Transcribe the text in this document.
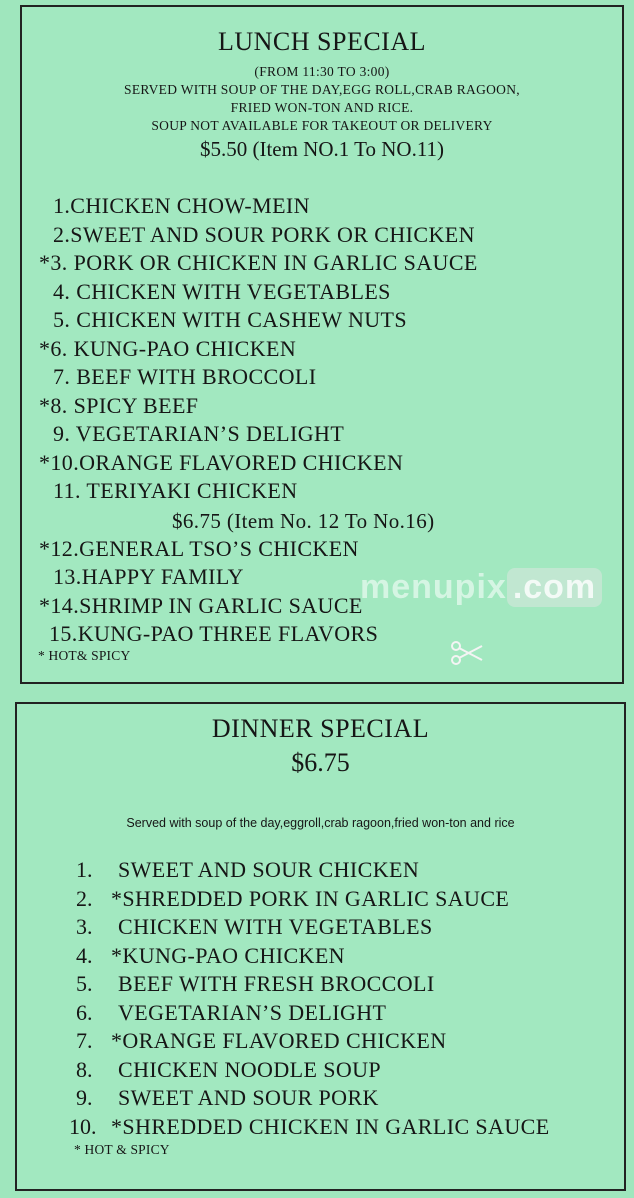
LUNCH SPECIAL
(FROM 11:30 TO 3:00)
SERVED WITH SOUP OF THE DAY,EGG ROLL,CRAB RAGOON,
FRIED WON-TON AND RICE.
SOUP NOT AVAILABLE FOR TAKEOUT OR DELIVERY
$5.50 (Item NO.1 To NO.11)
1.CHICKEN CHOW-MEIN
2.SWEET AND SOUR PORK OR CHICKEN
*3. PORK OR CHICKEN IN GARLIC SAUCE
4. CHICKEN WITH VEGETABLES
5. CHICKEN WITH CASHEW NUTS
*6. KUNG-PAO CHICKEN
7. BEEF WITH BROCCOLI
*8. SPICY BEEF
9. VEGETARIAN’S DELIGHT
*10.ORANGE FLAVORED CHICKEN
11. TERIYAKI CHICKEN
$6.75 (Item No. 12 To No.16)
*12.GENERAL TSO’S CHICKEN
13.HAPPY FAMILY
*14.SHRIMP IN GARLIC SAUCE
15.KUNG-PAO THREE FLAVORS
* HOT& SPICY
menupix .com
DINNER SPECIAL
$6.75
Served with soup of the day,eggroll,crab ragoon,fried won-ton and rice
1. SWEET AND SOUR CHICKEN
2. *SHREDDED PORK IN GARLIC SAUCE
3. CHICKEN WITH VEGETABLES
4. *KUNG-PAO CHICKEN
5. BEEF WITH FRESH BROCCOLI
6. VEGETARIAN’S DELIGHT
7. *ORANGE FLAVORED CHICKEN
8. CHICKEN NOODLE SOUP
9. SWEET AND SOUR PORK
10. *SHREDDED CHICKEN IN GARLIC SAUCE
* HOT & SPICY
